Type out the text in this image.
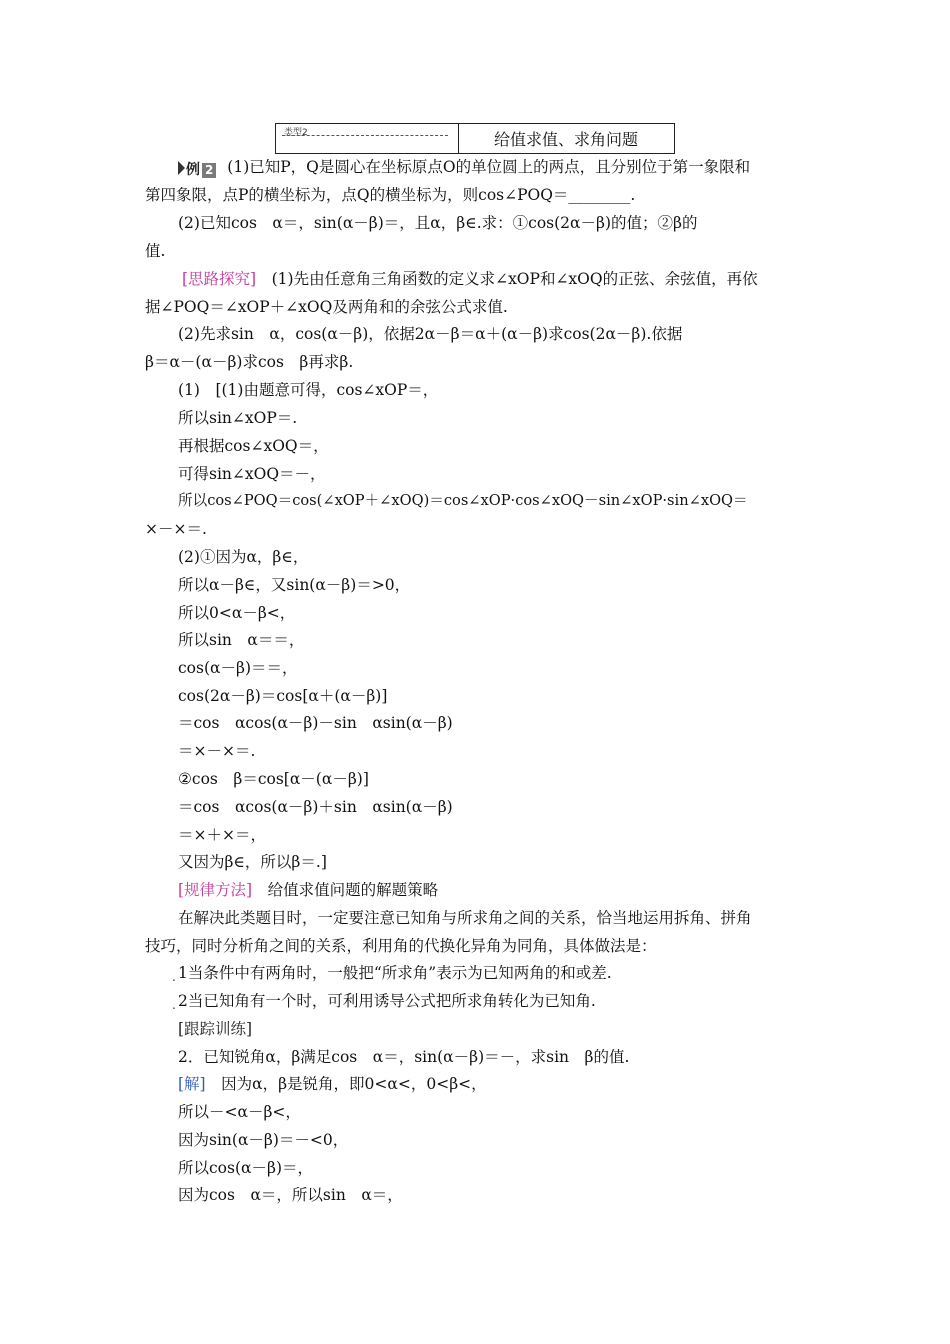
类型2	给值求值、求角问题
例 2 (1)已知P，Q是圆心在坐标原点O的单位圆上的两点，且分别位于第一象限和
第四象限，点P的横坐标为，点Q的横坐标为，则cos∠POQ＝________.
(2)已知cos　α＝，sin(α－β)＝，且α，β∈.求：①cos(2α－β)的值；②β的
值.
[思路探究]　 (1)先由任意角三角函数的定义求∠xOP和∠xOQ的正弦、余弦值，再依
据∠POQ＝∠xOP＋∠xOQ及两角和的余弦公式求值.
(2)先求sin　α，cos(α－β)，依据2α－β＝α＋(α－β)求cos(2α－β).依据
β＝α－(α－β)求cos　β再求β.
(1)　[(1)由题意可得，cos∠xOP＝，
所以sin∠xOP＝.
再根据cos∠xOQ＝，
可得sin∠xOQ＝－，
所以cos∠POQ＝cos(∠xOP＋∠xOQ)＝cos∠xOP·cos∠xOQ－sin∠xOP·sin∠xOQ＝
×－×＝.
(2)①因为α，β∈，
所以α－β∈，又sin(α－β)＝>0，
所以0<α－β<，
所以sin　α＝＝，
cos(α－β)＝＝，
cos(2α－β)＝cos[α＋(α－β)]
＝cos　αcos(α－β)－sin　αsin(α－β)
＝×－×＝.
②cos　β＝cos[α－(α－β)]
＝cos　αcos(α－β)＋sin　αsin(α－β)
＝×＋×＝，
又因为β∈，所以β＝.]
[规律方法]　 给值求值问题的解题策略
在解决此类题目时，一定要注意已知角与所求角之间的关系，恰当地运用拆角、拼角
技巧，同时分析角之间的关系，利用角的代换化异角为同角，具体做法是：
. 1当条件中有两角时，一般把“所求角”表示为已知两角的和或差.
. 2当已知角有一个时，可利用诱导公式把所求角转化为已知角.
[跟踪训练]
2．已知锐角α，β满足cos　α＝，sin(α－β)＝－，求sin　β的值.
[解]　 因为α，β是锐角，即0<α<，0<β<，
所以－<α－β<，
因为sin(α－β)＝－<0，
所以cos(α－β)＝，
因为cos　α＝，所以sin　α＝，
